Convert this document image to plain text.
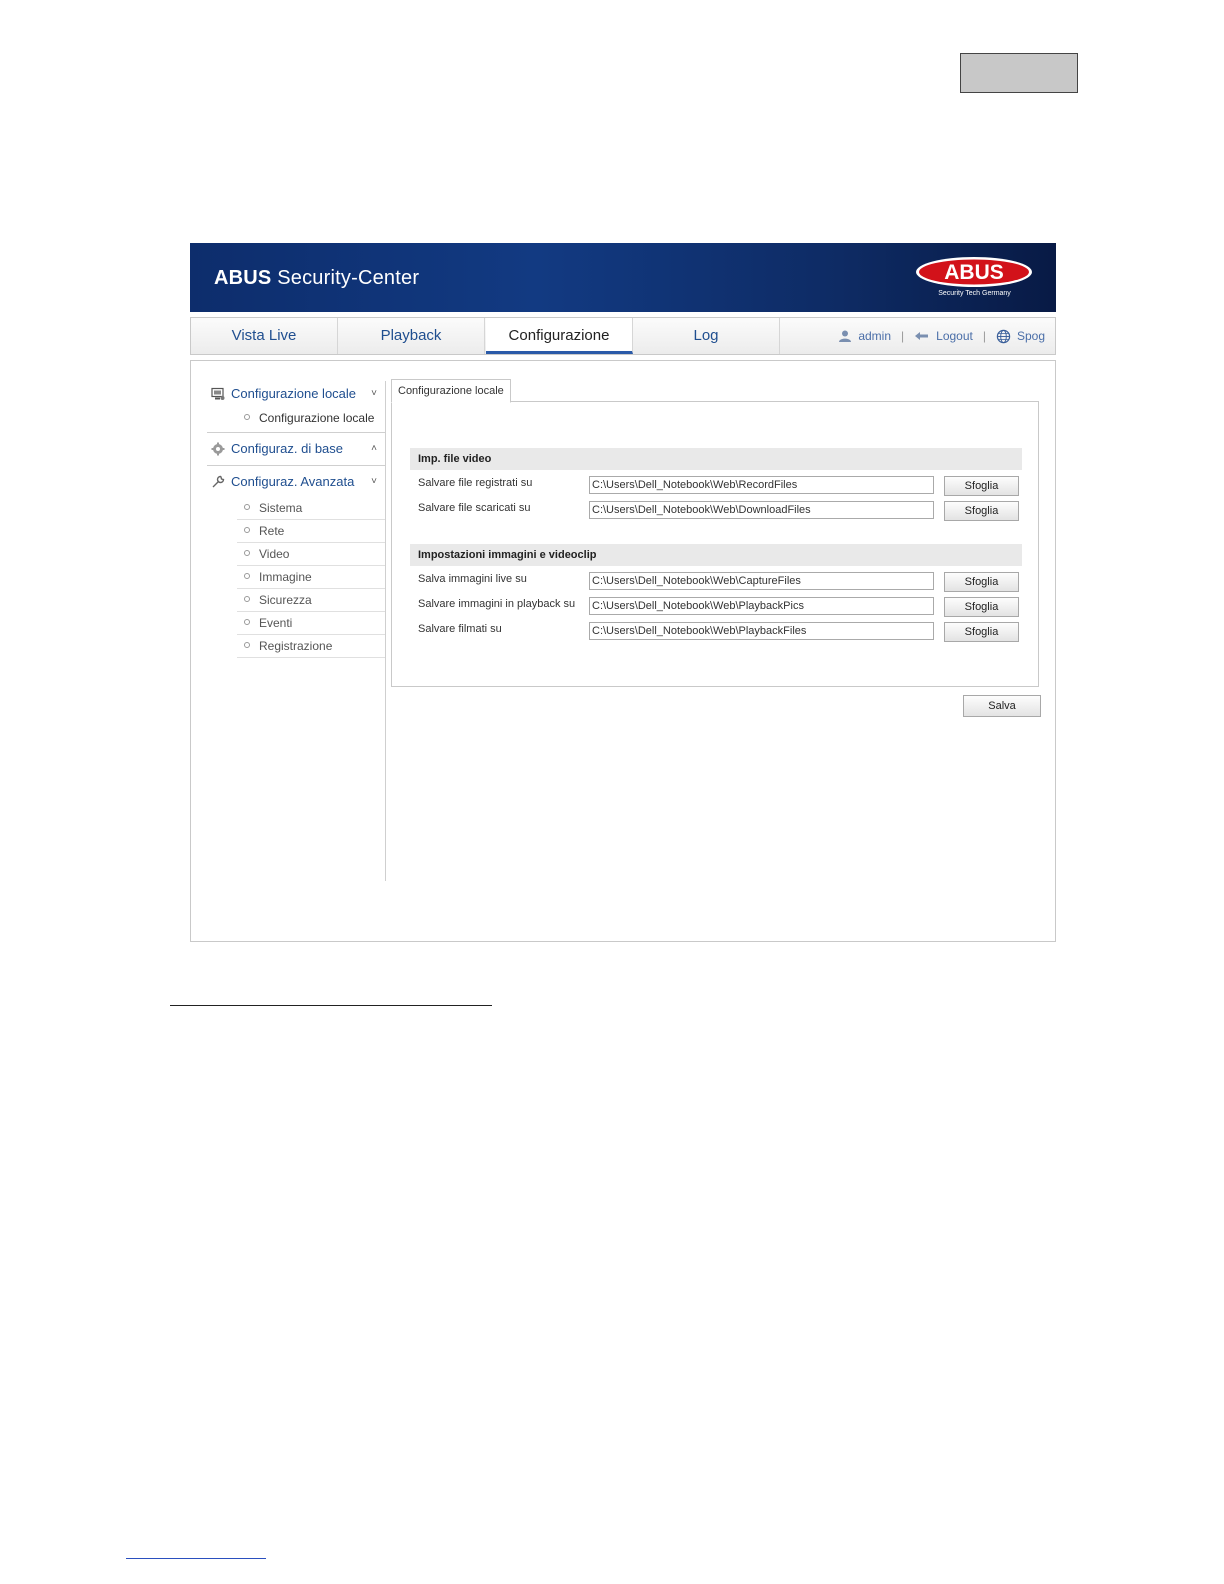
ABUS Security-Center	ABUS
Security Tech Germany
Vista Live	Playback	Configurazione	Log	admin |	Logout |	Spog
Configurazione locale ˅
Configurazione locale
Configuraz. di base	˄
Configuraz. Avanzata ˅
Sistema
Rete
Video
Immagine
Sicurezza
Eventi
Registrazione
Configurazione locale
Imp. file video
Salvare file registrati su
C:\Users\Dell_Notebook\Web\RecordFiles	Sfoglia
Salvare file scaricati su
C:\Users\Dell_Notebook\Web\DownloadFiles	Sfoglia
Impostazioni immagini e videoclip
Salva immagini live su
C:\Users\Dell_Notebook\Web\CaptureFiles	Sfoglia
Salvare immagini in playback su
C:\Users\Dell_Notebook\Web\PlaybackPics	Sfoglia
Salvare filmati su
C:\Users\Dell_Notebook\Web\PlaybackFiles	Sfoglia
Salva
